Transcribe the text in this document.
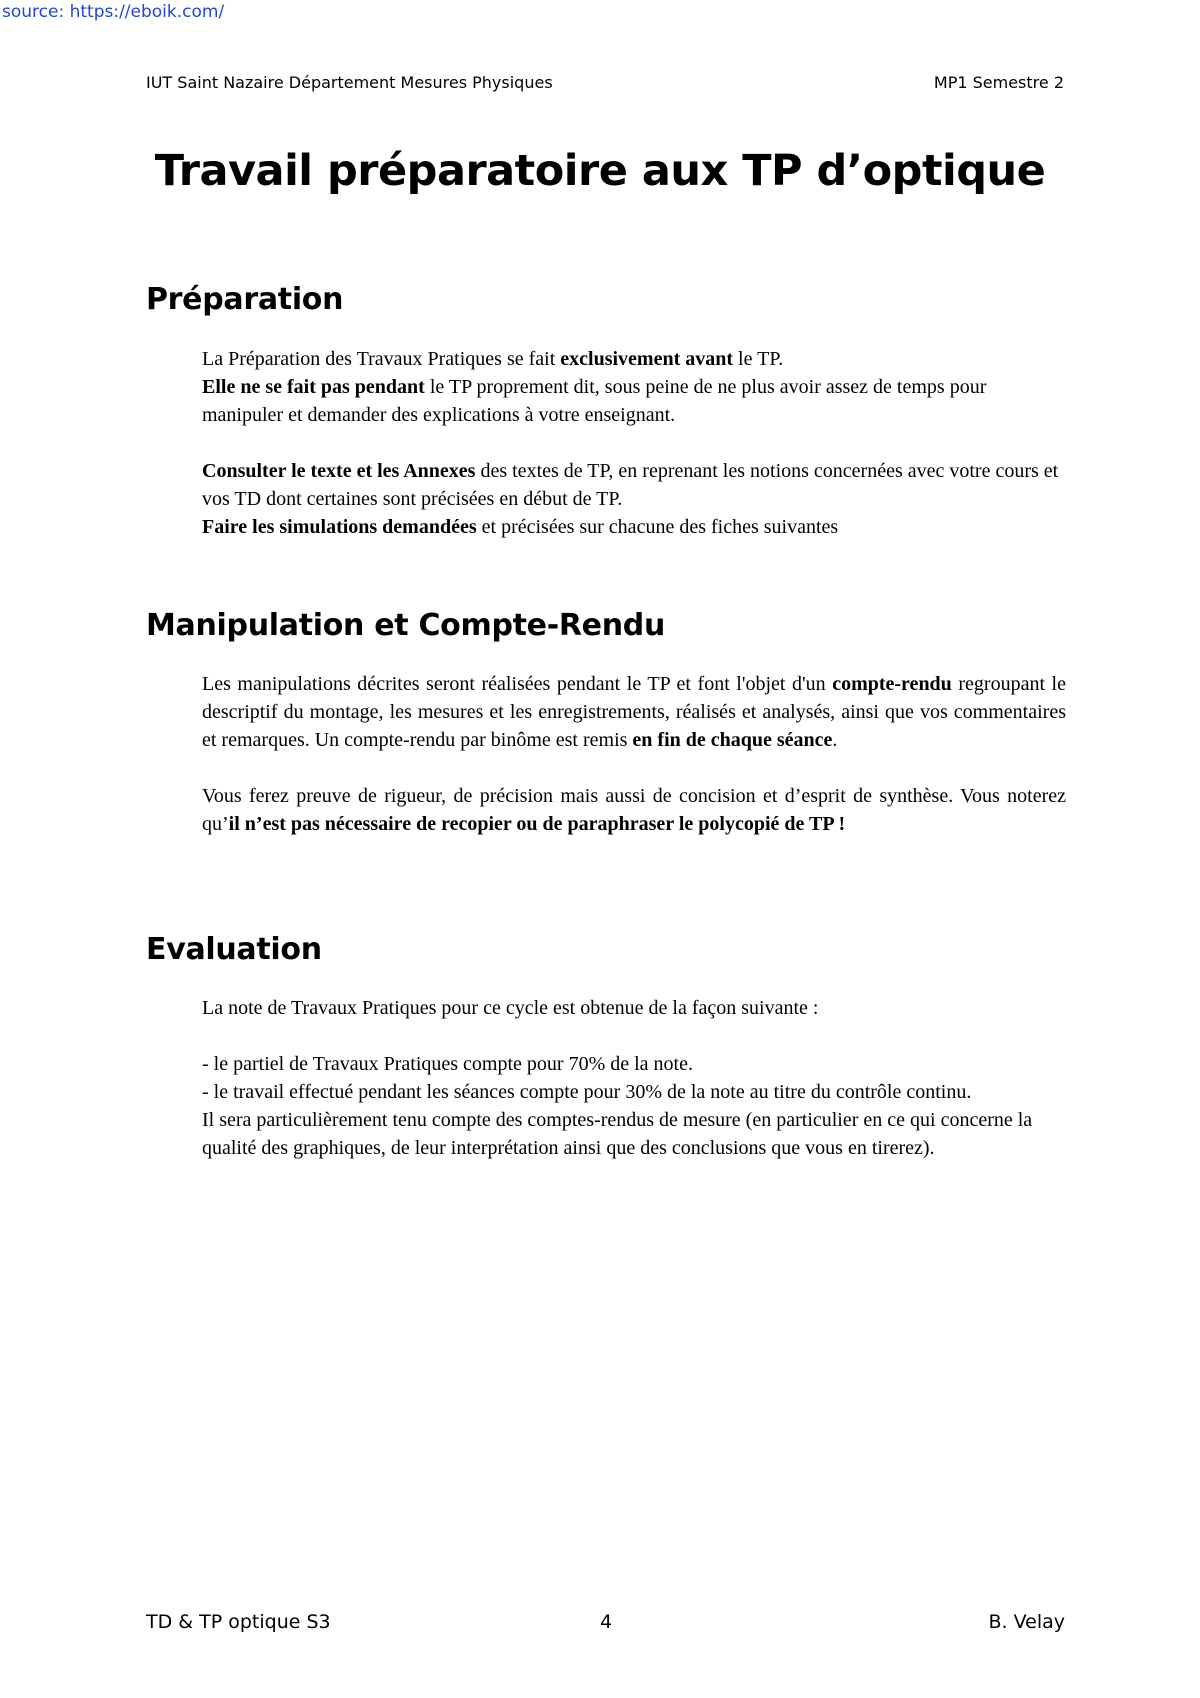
source: https://eboik.com/
IUT Saint Nazaire Département Mesures Physiques	MP1 Semestre 2
Travail préparatoire aux TP d’optique
Préparation

La Préparation des Travaux Pratiques se fait exclusivement avant le TP.

Elle ne se fait pas pendant le TP proprement dit, sous peine de ne plus avoir assez de temps pour manipuler et demander des explications à votre enseignant.

Consulter le texte et les Annexes des textes de TP, en reprenant les notions concernées avec votre cours et vos TD dont certaines sont précisées en début de TP.

Faire les simulations demandées et précisées sur chacune des fiches suivantes

Manipulation et Compte-Rendu

Les manipulations décrites seront réalisées pendant le TP et font l'objet d'un compte-rendu regroupant le descriptif du montage, les mesures et les enregistrements, réalisés et analysés, ainsi que vos commentaires et remarques. Un compte-rendu par binôme est remis en fin de chaque séance.

Vous ferez preuve de rigueur, de précision mais aussi de concision et d’esprit de synthèse. Vous noterez qu’il n’est pas nécessaire de recopier ou de paraphraser le polycopié de TP !

Evaluation

La note de Travaux Pratiques pour ce cycle est obtenue de la façon suivante :

- le partiel de Travaux Pratiques compte pour 70% de la note.

- le travail effectué pendant les séances compte pour 30% de la note au titre du contrôle continu.

Il sera particulièrement tenu compte des comptes-rendus de mesure (en particulier en ce qui concerne la qualité des graphiques, de leur interprétation ainsi que des conclusions que vous en tirerez).

TD & TP optique S3	4	B. Velay
